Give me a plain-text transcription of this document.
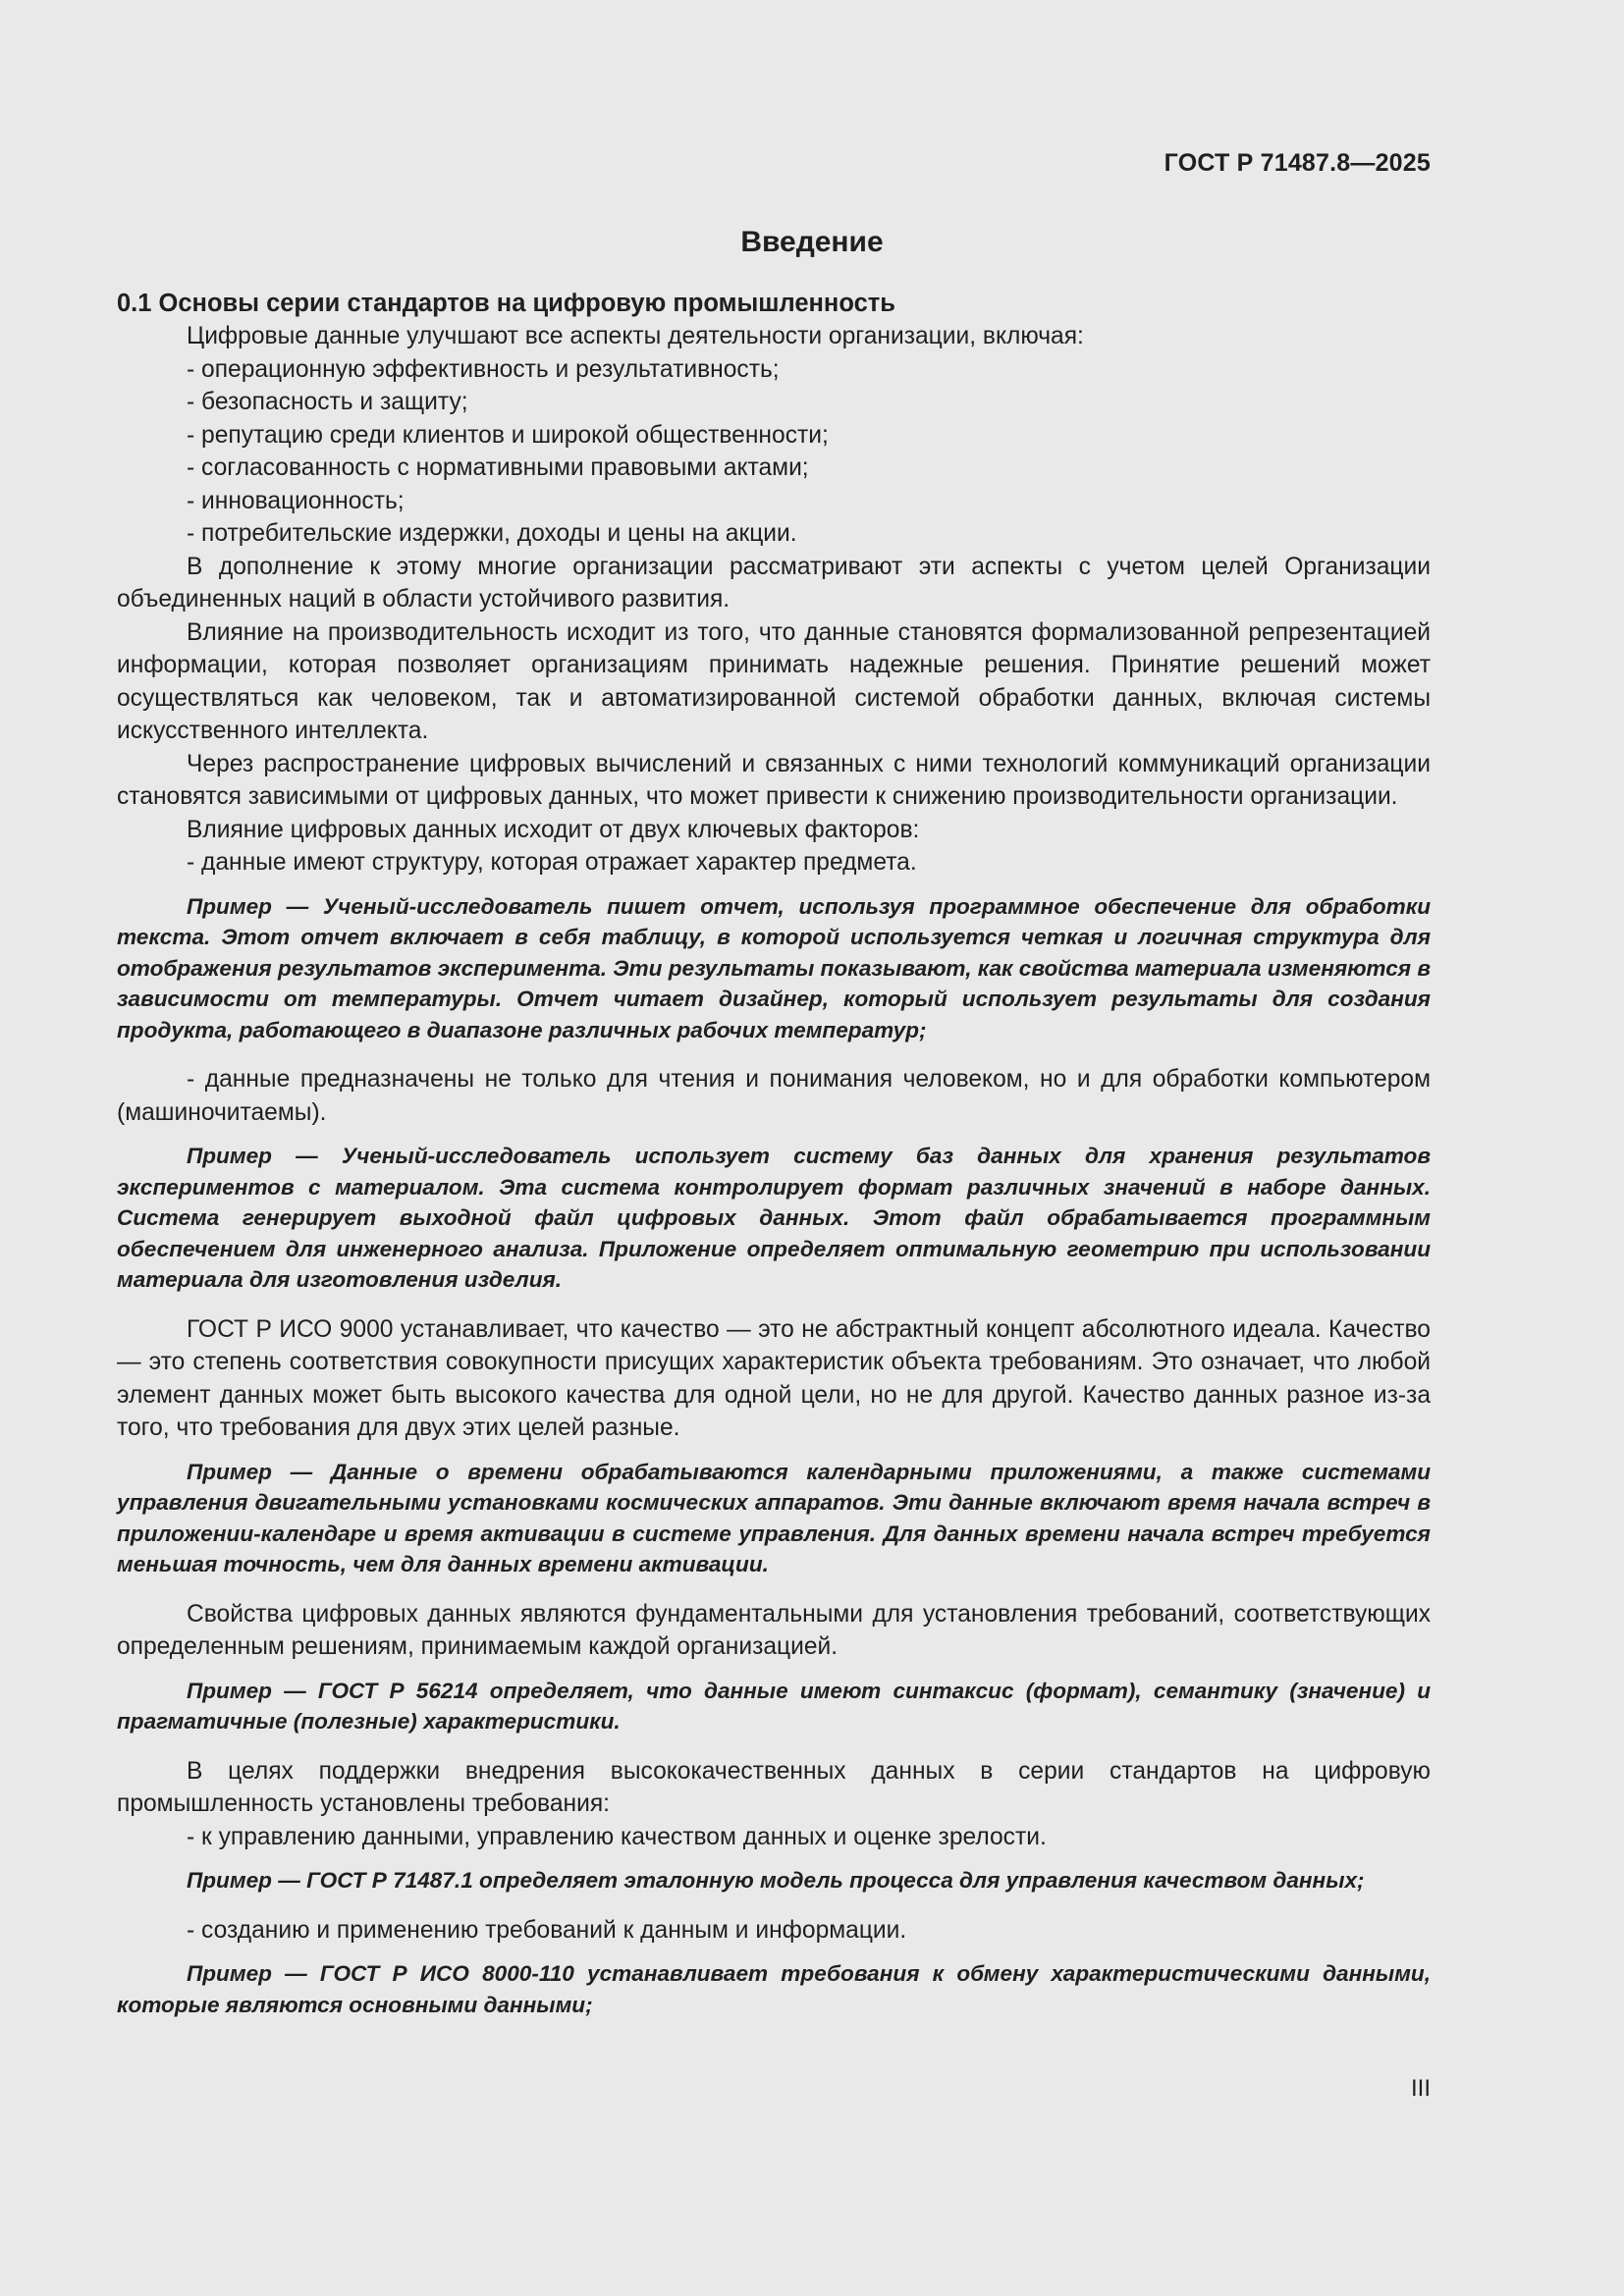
ГОСТ Р 71487.8—2025
Введение

0.1 Основы серии стандартов на цифровую промышленность

Цифровые данные улучшают все аспекты деятельности организации, включая:

- операционную эффективность и результативность;

- безопасность и защиту;

- репутацию среди клиентов и широкой общественности;

- согласованность с нормативными правовыми актами;

- инновационность;

- потребительские издержки, доходы и цены на акции.

В дополнение к этому многие организации рассматривают эти аспекты с учетом целей Организации объединенных наций в области устойчивого развития.

Влияние на производительность исходит из того, что данные становятся формализованной репрезентацией информации, которая позволяет организациям принимать надежные решения. Принятие решений может осуществляться как человеком, так и автоматизированной системой обработки данных, включая системы искусственного интеллекта.

Через распространение цифровых вычислений и связанных с ними технологий коммуникаций организации становятся зависимыми от цифровых данных, что может привести к снижению производительности организации.

Влияние цифровых данных исходит от двух ключевых факторов:

- данные имеют структуру, которая отражает характер предмета.

Пример — Ученый-исследователь пишет отчет, используя программное обеспечение для обработки текста. Этот отчет включает в себя таблицу, в которой используется четкая и логичная структура для отображения результатов эксперимента. Эти результаты показывают, как свойства материала изменяются в зависимости от температуры. Отчет читает дизайнер, который использует результаты для создания продукта, работающего в диапазоне различных рабочих температур;

- данные предназначены не только для чтения и понимания человеком, но и для обработки компьютером (машиночитаемы).

Пример — Ученый-исследователь использует систему баз данных для хранения результатов экспериментов с материалом. Эта система контролирует формат различных значений в наборе данных. Система генерирует выходной файл цифровых данных. Этот файл обрабатывается программным обеспечением для инженерного анализа. Приложение определяет оптимальную геометрию при использовании материала для изготовления изделия.

ГОСТ Р ИСО 9000 устанавливает, что качество — это не абстрактный концепт абсолютного идеала. Качество — это степень соответствия совокупности присущих характеристик объекта требованиям. Это означает, что любой элемент данных может быть высокого качества для одной цели, но не для другой. Качество данных разное из-за того, что требования для двух этих целей разные.

Пример — Данные о времени обрабатываются календарными приложениями, а также системами управления двигательными установками космических аппаратов. Эти данные включают время начала встреч в приложении-календаре и время активации в системе управления. Для данных времени начала встреч требуется меньшая точность, чем для данных времени активации.

Свойства цифровых данных являются фундаментальными для установления требований, соответствующих определенным решениям, принимаемым каждой организацией.

Пример — ГОСТ Р 56214 определяет, что данные имеют синтаксис (формат), семантику (значение) и прагматичные (полезные) характеристики.

В целях поддержки внедрения высококачественных данных в серии стандартов на цифровую промышленность установлены требования:

- к управлению данными, управлению качеством данных и оценке зрелости.

Пример — ГОСТ Р 71487.1 определяет эталонную модель процесса для управления качеством данных;

- созданию и применению требований к данным и информации.

Пример — ГОСТ Р ИСО 8000-110 устанавливает требования к обмену характеристическими данными, которые являются основными данными;

III
